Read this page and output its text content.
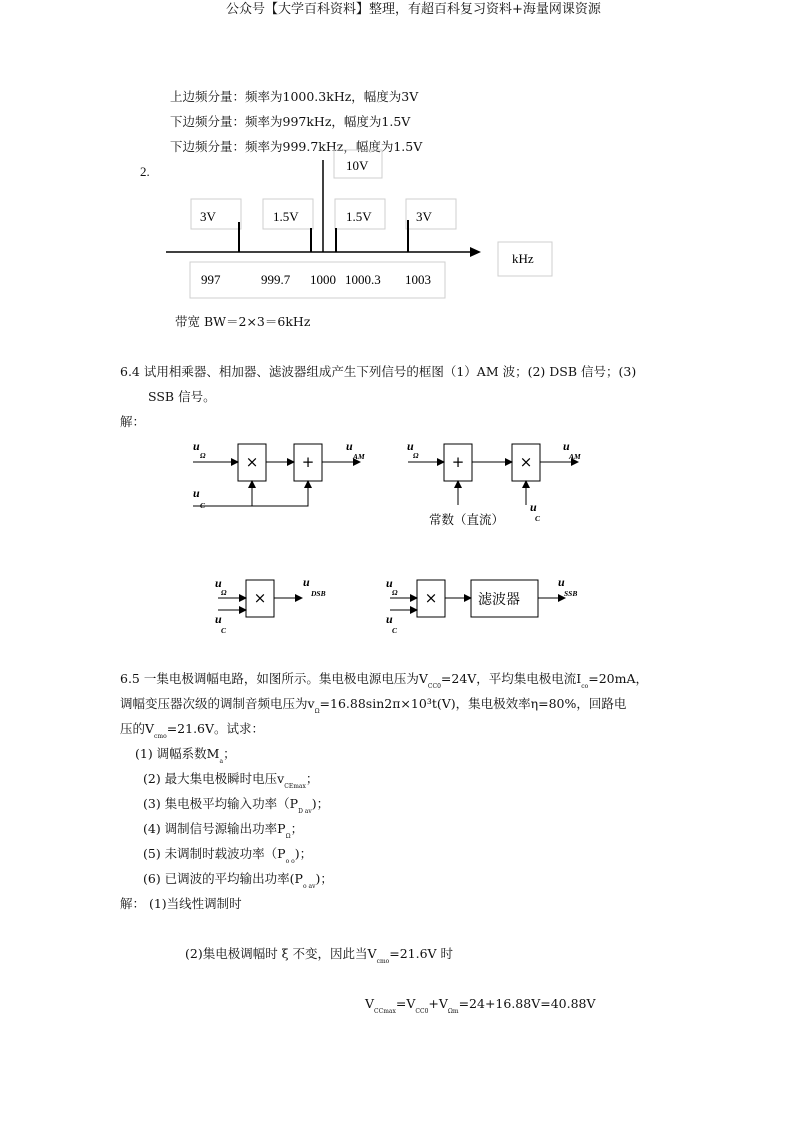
公众号【大学百科资料】整理，有超百科复习资料+海量网课资源
上边频分量：频率为1000.3kHz，幅度为3V
下边频分量：频率为997kHz，幅度为1.5V
下边频分量：频率为999.7kHz，幅度为1.5V
2.	10V
3V	1.5V	1.5V	3V
kHz
997	999.7 1000 1000.3 1003
带宽 BW＝2×3＝6kHz
6.4 试用相乘器、相加器、滤波器组成产生下列信号的框图（1）AM 波；(2) DSB 信号；(3)
SSB 信号。
解：
×	+	+	×
×	×	滤波器
常数（直流）
u
u
u	u	u
u
u
u
u	u
u
u
Ω
C
AM	Ω	AM
C
Ω
C
DSB	Ω
C
SSB
6.5 一集电极调幅电路，如图所示。集电极电源电压为$V_{CC0}=24V$，平均集电极电流$I_{co}=20mA$，
调幅变压器次级的调制音频电压为$v_\Omega=16.88\sin 2\pi\times 10^3t(V)$，集电极效率η=80%，回路电
压的$V_{cmo}=21.6V$。试求：
(1) 调幅系数$M_a$；
(2) 最大集电极瞬时电压$v_{CEmax}$；
(3) 集电极平均输入功率$(P_{D av})$；
(4) 调制信号源输出功率$P_\Omega$；
(5) 未调制时载波功率$(P_{o o})$；
(6) 已调波的平均输出功率$(P_{o av})$；
解： (1)当线性调制时
(2)集电极调幅时 ξ 不变，因此当$V_{cmo}=21.6V$ 时
$V_{CCmax}=V_{CC0}+V_{\Omega m}=24+16.88V=40.88V$
